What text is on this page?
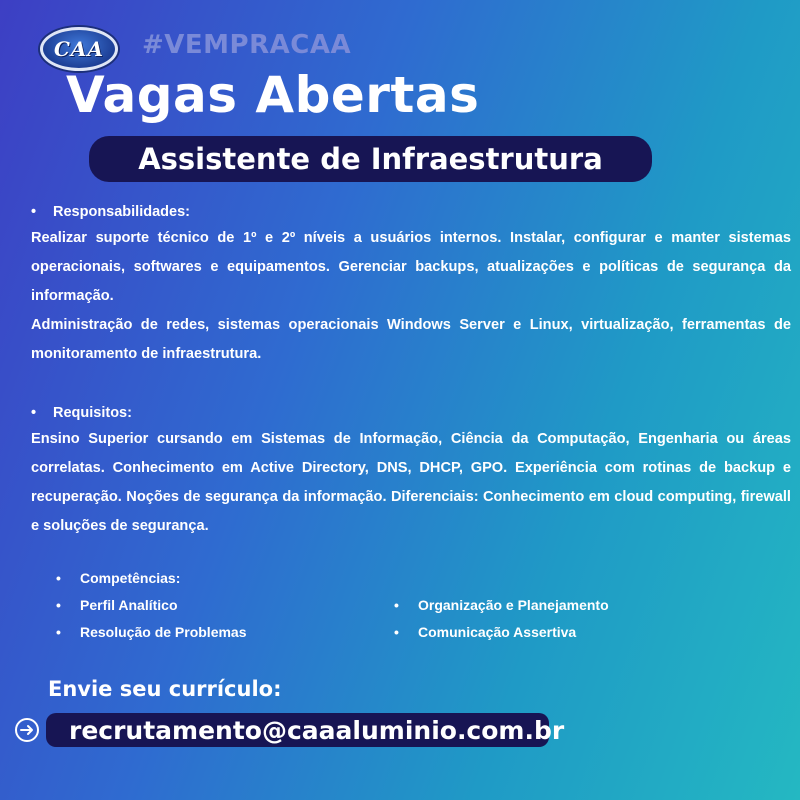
CAA #VEMPRACAA
Vagas Abertas
Assistente de Infraestrutura
•	Responsabilidades:
Realizar suporte técnico de 1º e 2º níveis a usuários internos. Instalar, configurar e manter sistemas operacionais, softwares e equipamentos. Gerenciar backups, atualizações e políticas de segurança da informação.
Administração de redes, sistemas operacionais Windows Server e Linux, virtualização, ferramentas de monitoramento de infraestrutura.
•	Requisitos:
Ensino Superior cursando em Sistemas de Informação, Ciência da Computação, Engenharia ou áreas correlatas. Conhecimento em Active Directory, DNS, DHCP, GPO. Experiência com rotinas de backup e recuperação. Noções de segurança da informação. Diferenciais: Conhecimento em cloud computing, firewall e soluções de segurança.
•	Competências:
•	Perfil Analítico
•	Resolução de Problemas
•	Organização e Planejamento
•	Comunicação Assertiva
Envie seu currículo:
recrutamento@caaaluminio.com.br
